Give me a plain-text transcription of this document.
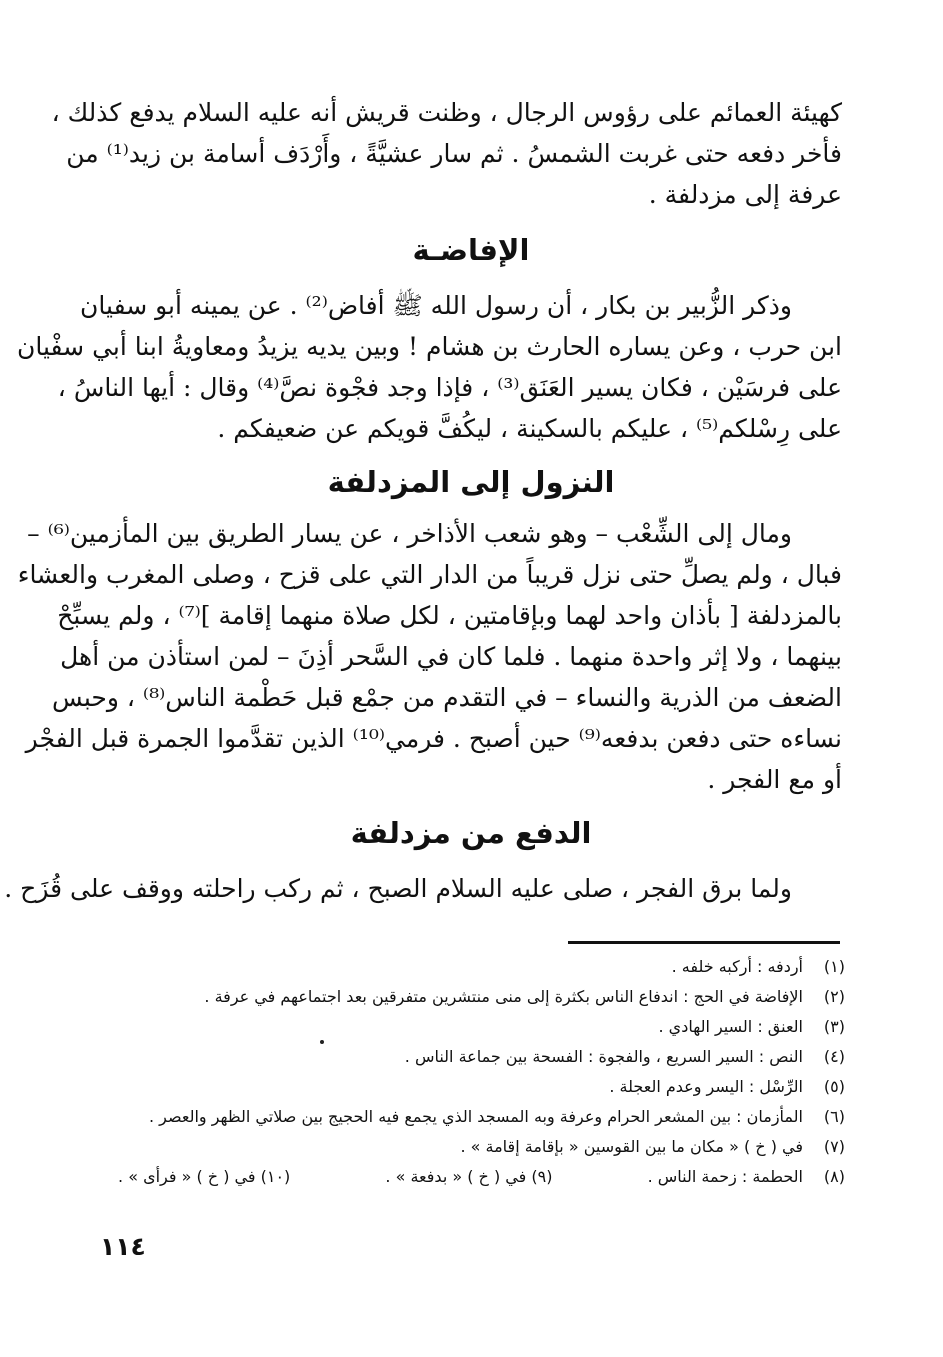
كهيئة العمائم على رؤوس الرجال ، وظنت قريش أنه عليه السلام يدفع كذلك ،
فأخر دفعه حتى غربت الشمسُ . ثم سار عشيَّةً ، وأَرْدَف أسامة بن زيد⁽¹⁾ من
عرفة إلى مزدلفة .
الإفاضـة
وذكر الزُّبير بن بكار ، أن رسول الله ﷺ أفاض⁽²⁾ . عن يمينه أبو سفيان
ابن حرب ، وعن يساره الحارث بن هشام ! وبين يديه يزيدُ ومعاويةُ ابنا أبي سفْيان
على فرسَيْن ، فكان يسير العَنَق⁽³⁾ ، فإذا وجد فجْوة نصَّ⁽⁴⁾ وقال : أيها الناسُ ،
على رِسْلكم⁽⁵⁾ ، عليكم بالسكينة ، ليكُفَّ قويكم عن ضعيفكم .
النزول إلى المزدلفة
ومال إلى الشِّعْب – وهو شعب الأذاخر ، عن يسار الطريق بين المأزمين⁽⁶⁾ –
فبال ، ولم يصلِّ حتى نزل قريباً من الدار التي على قزح ، وصلى المغرب والعشاء
بالمزدلفة [ بأذان واحد لهما وبإقامتين ، لكل صلاة منهما إقامة ]⁽⁷⁾ ، ولم يسبِّحْ
بينهما ، ولا إثر واحدة منهما . فلما كان في السَّحر أذِنَ – لمن استأذن من أهل
الضعف من الذرية والنساء – في التقدم من جمْع قبل حَطْمة الناس⁽⁸⁾ ، وحبس
نساءه حتى دفعن بدفعه⁽⁹⁾ حين أصبح . فرمي⁽¹⁰⁾ الذين تقدَّموا الجمرة قبل الفجْر
أو مع الفجر .
الدفع من مزدلفة
ولما برق الفجر ، صلى عليه السلام الصبح ، ثم ركب راحلته ووقف على قُزَح .
(١)
أردفه : أركبه خلفه .
(٢)
الإفاضة في الحج : اندفاع الناس بكثرة إلى منى منتشرين متفرقين بعد اجتماعهم في عرفة .
(٣)
العنق : السير الهادي .
(٤)
النص : السير السريع ، والفجوة : الفسحة بين جماعة الناس .
(٥)
الرِّسْل : اليسر وعدم العجلة .
(٦)
المأزمان : بين المشعر الحرام وعرفة وبه المسجد الذي يجمع فيه الحجيج بين صلاتي الظهر والعصر .
(٧)
في ( خ ) « مكان ما بين القوسين « بإقامة إقامة » .
(٨)
الحطمة : زحمة الناس .
(٩) في ( خ ) « بدفعة » .
(١٠) في ( خ ) « فرأى » .
١١٤
